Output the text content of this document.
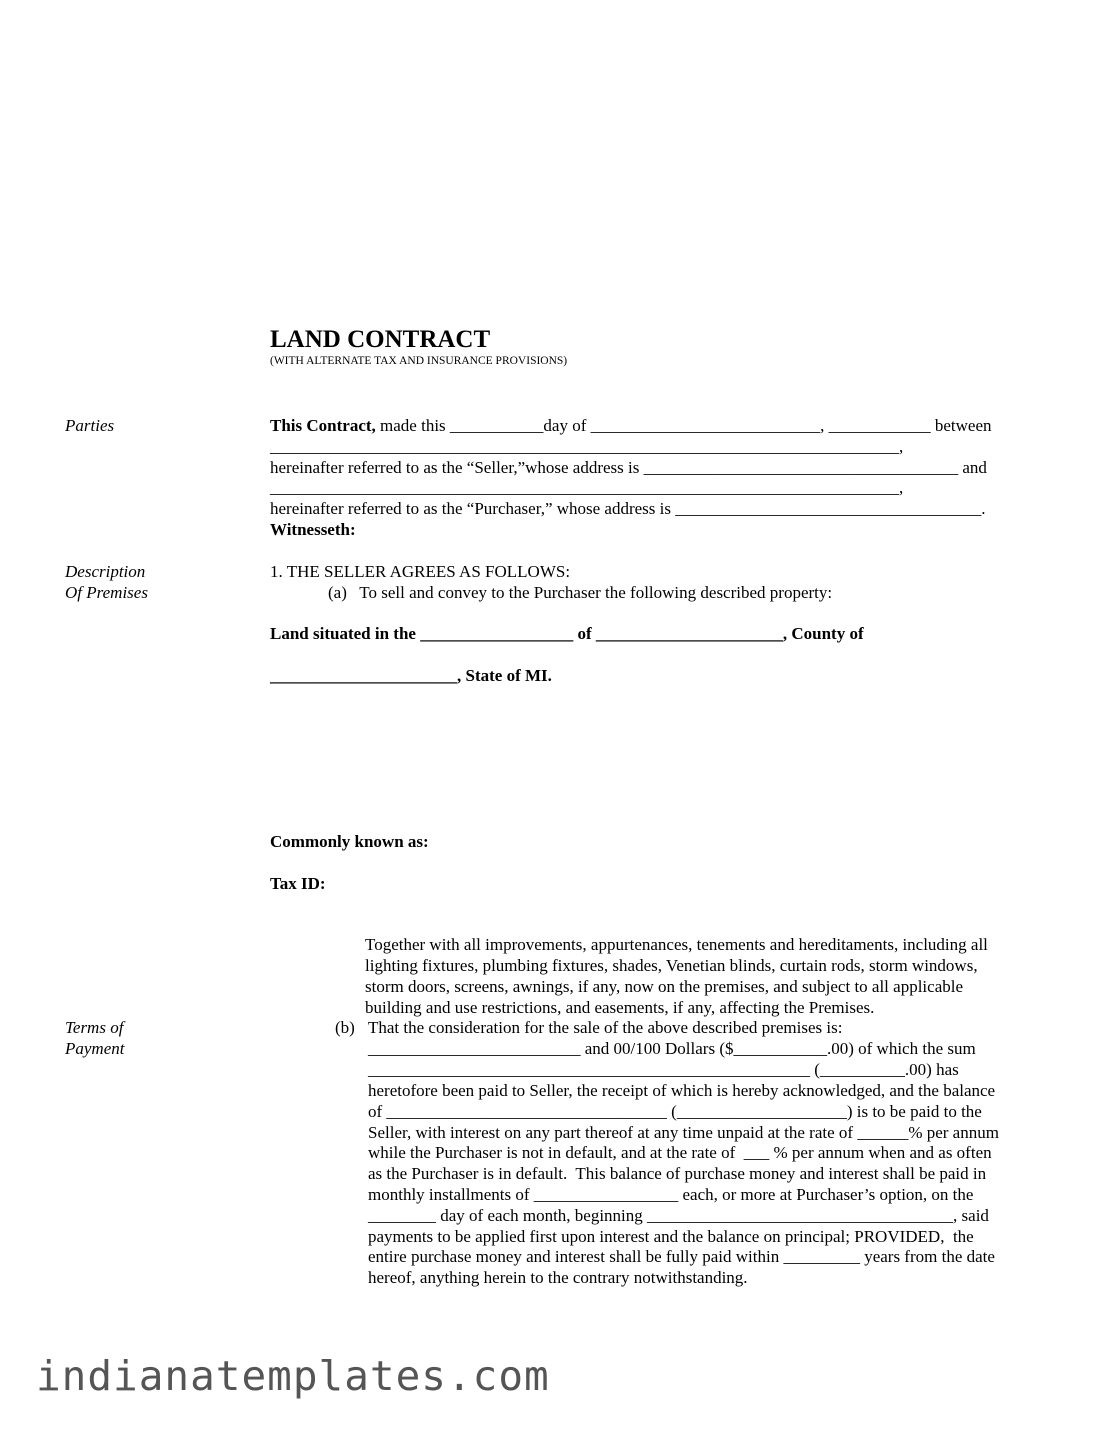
LAND CONTRACT
(WITH ALTERNATE TAX AND INSURANCE PROVISIONS)
Parties
Description
Of Premises
Terms of
Payment
This Contract, made this ___________day of ___________________________, ____________ between
__________________________________________________________________________,
hereinafter referred to as the “Seller,”whose address is _____________________________________ and
__________________________________________________________________________,
hereinafter referred to as the “Purchaser,” whose address is ____________________________________.
Witnesseth:
1. THE SELLER AGREES AS FOLLOWS:
(a)   To sell and convey to the Purchaser the following described property:
Land situated in the __________________ of ______________________, County of
______________________, State of MI.
Commonly known as:
Tax ID:
Together with all improvements, appurtenances, tenements and hereditaments, including all
lighting fixtures, plumbing fixtures, shades, Venetian blinds, curtain rods, storm windows,
storm doors, screens, awnings, if any, now on the premises, and subject to all applicable
building and use restrictions, and easements, if any, affecting the Premises.
(b) That the consideration for the sale of the above described premises is:
_________________________ and 00/100 Dollars ($___________.00) of which the sum
____________________________________________________ (__________.00) has
heretofore been paid to Seller, the receipt of which is hereby acknowledged, and the balance
of _________________________________ (____________________) is to be paid to the
Seller, with interest on any part thereof at any time unpaid at the rate of ______% per annum
while the Purchaser is not in default, and at the rate of  ___ % per annum when and as often
as the Purchaser is in default.  This balance of purchase money and interest shall be paid in
monthly installments of _________________ each, or more at Purchaser’s option, on the
________ day of each month, beginning ____________________________________, said
payments to be applied first upon interest and the balance on principal; PROVIDED,  the
entire purchase money and interest shall be fully paid within _________ years from the date
hereof, anything herein to the contrary notwithstanding.
indianatemplates.com
